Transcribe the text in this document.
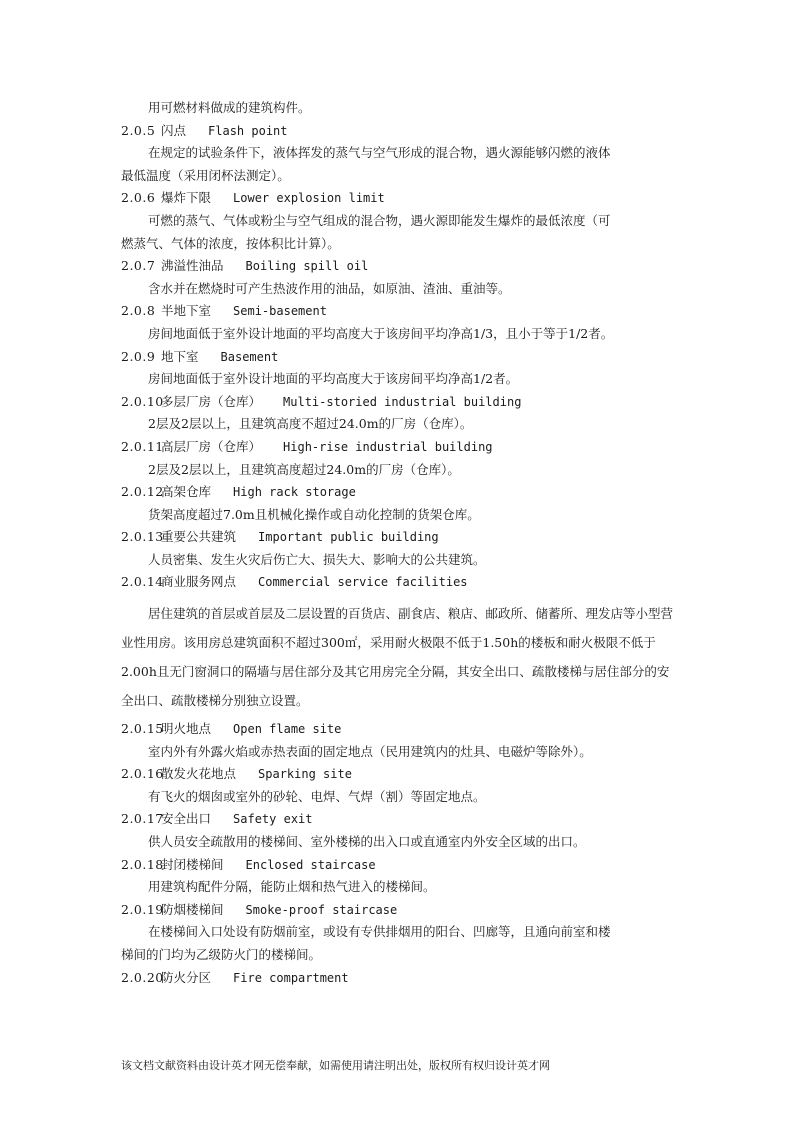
用可燃材料做成的建筑构件。
2.0.5 闪点 Flash point
在规定的试验条件下，液体挥发的蒸气与空气形成的混合物，遇火源能够闪燃的液体
最低温度（采用闭杯法测定）。
2.0.6 爆炸下限 Lower explosion limit
可燃的蒸气、气体或粉尘与空气组成的混合物，遇火源即能发生爆炸的最低浓度（可
燃蒸气、气体的浓度，按体积比计算）。
2.0.7 沸溢性油品 Boiling spill oil
含水并在燃烧时可产生热波作用的油品，如原油、渣油、重油等。
2.0.8 半地下室 Semi-basement
房间地面低于室外设计地面的平均高度大于该房间平均净高1/3，且小于等于1/2者。
2.0.9 地下室 Basement
房间地面低于室外设计地面的平均高度大于该房间平均净高1/2者。
2.0.10多层厂房（仓库） Multi-storied industrial building
2层及2层以上，且建筑高度不超过24.0m的厂房（仓库）。
2.0.11高层厂房（仓库） High-rise industrial building
2层及2层以上，且建筑高度超过24.0m的厂房（仓库）。
2.0.12高架仓库 High rack storage
货架高度超过7.0m且机械化操作或自动化控制的货架仓库。
2.0.13重要公共建筑 Important public building
人员密集、发生火灾后伤亡大、损失大、影响大的公共建筑。
2.0.14商业服务网点 Commercial service facilities
居住建筑的首层或首层及二层设置的百货店、副食店、粮店、邮政所、储蓄所、理发店等小型营业性用房。该用房总建筑面积不超过300㎡，采用耐火极限不低于1.50h的楼板和耐火极限不低于2.00h且无门窗洞口的隔墙与居住部分及其它用房完全分隔，其安全出口、疏散楼梯与居住部分的安全出口、疏散楼梯分别独立设置。
2.0.15明火地点 Open flame site
室内外有外露火焰或赤热表面的固定地点（民用建筑内的灶具、电磁炉等除外）。
2.0.16散发火花地点 Sparking site
有飞火的烟囱或室外的砂轮、电焊、气焊（割）等固定地点。
2.0.17安全出口 Safety exit
供人员安全疏散用的楼梯间、室外楼梯的出入口或直通室内外安全区域的出口。
2.0.18封闭楼梯间 Enclosed staircase
用建筑构配件分隔，能防止烟和热气进入的楼梯间。
2.0.19防烟楼梯间 Smoke-proof staircase
在楼梯间入口处设有防烟前室，或设有专供排烟用的阳台、凹廊等，且通向前室和楼
梯间的门均为乙级防火门的楼梯间。
2.0.20防火分区 Fire compartment
该文档文献资料由设计英才网无偿奉献，如需使用请注明出处，版权所有权归设计英才网
